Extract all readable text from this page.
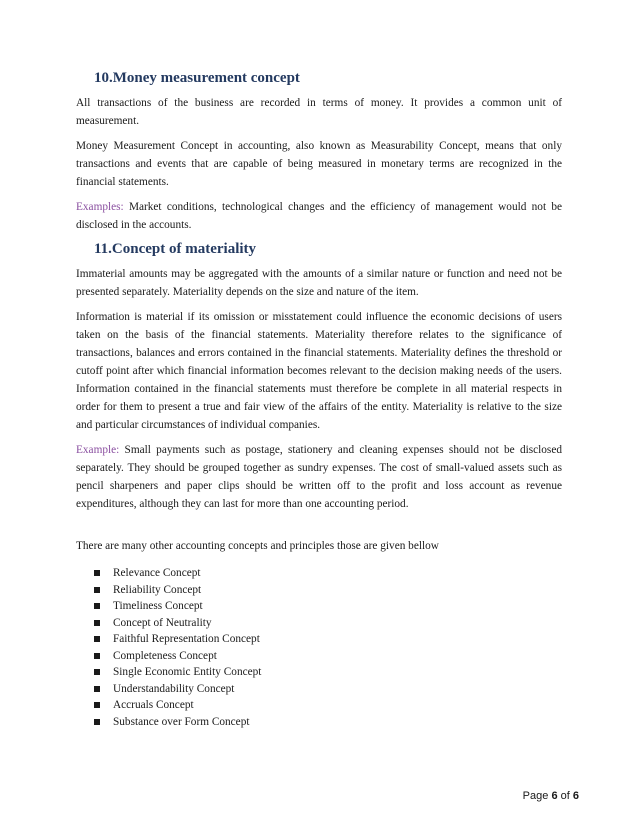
10.Money measurement concept

All transactions of the business are recorded in terms of money. It provides a common unit of measurement.

Money Measurement Concept in accounting, also known as Measurability Concept, means that only transactions and events that are capable of being measured in monetary terms are recognized in the financial statements.

Examples: Market conditions, technological changes and the efficiency of management would not be disclosed in the accounts.

11.Concept of materiality

Immaterial amounts may be aggregated with the amounts of a similar nature or function and need not be presented separately. Materiality depends on the size and nature of the item.

Information is material if its omission or misstatement could influence the economic decisions of users taken on the basis of the financial statements. Materiality therefore relates to the significance of transactions, balances and errors contained in the financial statements. Materiality defines the threshold or cutoff point after which financial information becomes relevant to the decision making needs of the users. Information contained in the financial statements must therefore be complete in all material respects in order for them to present a true and fair view of the affairs of the entity. Materiality is relative to the size and particular circumstances of individual companies.

Example: Small payments such as postage, stationery and cleaning expenses should not be disclosed separately. They should be grouped together as sundry expenses. The cost of small-valued assets such as pencil sharpeners and paper clips should be written off to the profit and loss account as revenue expenditures, although they can last for more than one accounting period.

There are many other accounting concepts and principles those are given bellow

Relevance Concept
Reliability Concept
Timeliness Concept
Concept of Neutrality
Faithful Representation Concept
Completeness Concept
Single Economic Entity Concept
Understandability Concept
Accruals Concept
Substance over Form Concept
Page 6 of 6
